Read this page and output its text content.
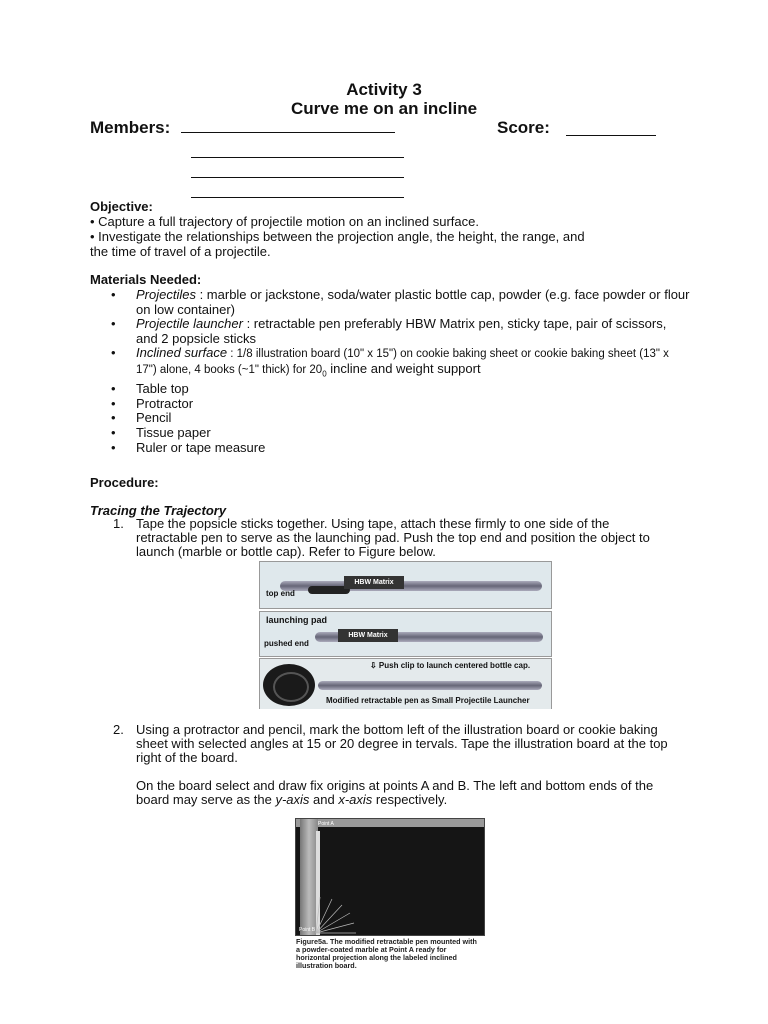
Activity 3
Curve me on an incline
Members:	Score:
Objective:
• Capture a full trajectory of projectile motion on an inclined surface.
• Investigate the relationships between the projection angle, the height, the range, and
the time of travel of a projectile.
Materials Needed:
• Projectiles : marble or jackstone, soda/water plastic bottle cap, powder (e.g. face powder or flour on low container)
• Projectile launcher : retractable pen preferably HBW Matrix pen, sticky tape, pair of scissors, and 2 popsicle sticks
• Inclined surface : 1/8 illustration board (10" x 15") on cookie baking sheet or cookie baking sheet (13" x 17") alone, 4 books (~1" thick) for $20_0$ incline and weight support
• Table top
• Protractor
• Pencil
• Tissue paper
• Ruler or tape measure
Procedure:
Tracing the Trajectory
1. Tape the popsicle sticks together. Using tape, attach these firmly to one side of the retractable pen to serve as the launching pad. Push the top end and position the object to launch (marble or bottle cap). Refer to Figure below.
HBW Matrix
top end
launching pad
HBW Matrix
pushed end
⇩ Push clip to launch centered bottle cap.
Modified retractable pen as Small Projectile Launcher
2. Using a protractor and pencil, mark the bottom left of the illustration board or cookie baking sheet with selected angles at 15 or 20 degree in tervals. Tape the illustration board at the top right of the board.
On the board select and draw fix origins at points A and B. The left and bottom ends of the board may serve as the y-axis and x-axis respectively.
Point A
Point B
Figure5a. The modified retractable pen mounted with a powder-coated marble at Point A ready for horizontal projection along the labeled inclined illustration board.
